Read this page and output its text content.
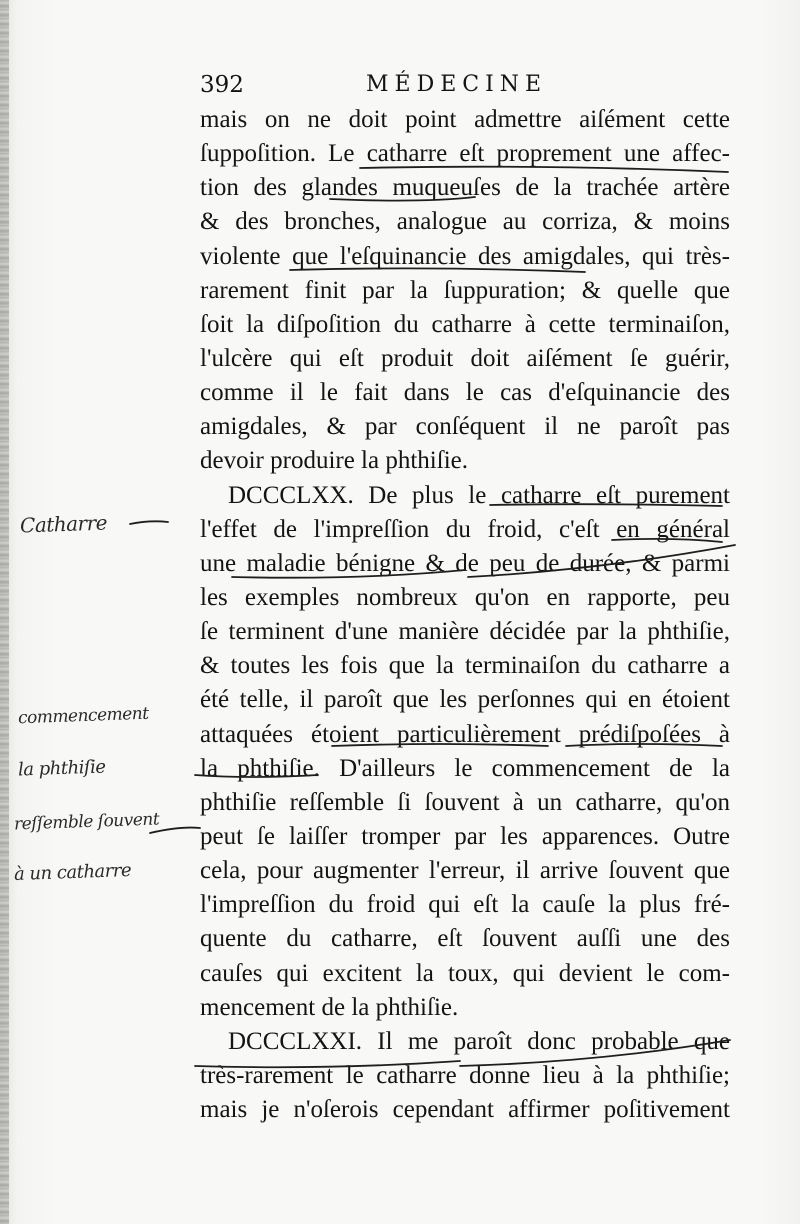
392	MÉDECINE
mais on ne doit point admettre aiſément cette
ſuppoſition. Le catharre eſt proprement une affec-
tion des glandes muqueuſes de la trachée artère
& des bronches, analogue au corriza, & moins
violente que l'eſquinancie des amigdales, qui très-
rarement finit par la ſuppuration; & quelle que
ſoit la diſpoſition du catharre à cette terminaiſon,
l'ulcère qui eſt produit doit aiſément ſe guérir,
comme il le fait dans le cas d'eſquinancie des
amigdales, & par conſéquent il ne paroît pas
devoir produire la phthiſie.
DCCCLXX. De plus le catharre eſt purement
l'effet de l'impreſſion du froid, c'eſt en général
une maladie bénigne & de peu de durée, & parmi
les exemples nombreux qu'on en rapporte, peu
ſe terminent d'une manière décidée par la phthiſie,
& toutes les fois que la terminaiſon du catharre a
été telle, il paroît que les perſonnes qui en étoient
attaquées étoient particulièrement prédiſpoſées à
la phthiſie. D'ailleurs le commencement de la
phthiſie reſſemble ſi ſouvent à un catharre, qu'on
peut ſe laiſſer tromper par les apparences. Outre
cela, pour augmenter l'erreur, il arrive ſouvent que
l'impreſſion du froid qui eſt la cauſe la plus fré-
quente du catharre, eſt ſouvent auſſi une des
cauſes qui excitent la toux, qui devient le com-
mencement de la phthiſie.
DCCCLXXI. Il me paroît donc probable que
très-rarement le catharre donne lieu à la phthiſie;
mais je n'oſerois cependant affirmer poſitivement
Catharre
commencement
la phthiſie
reſſemble ſouvent
à un catharre
